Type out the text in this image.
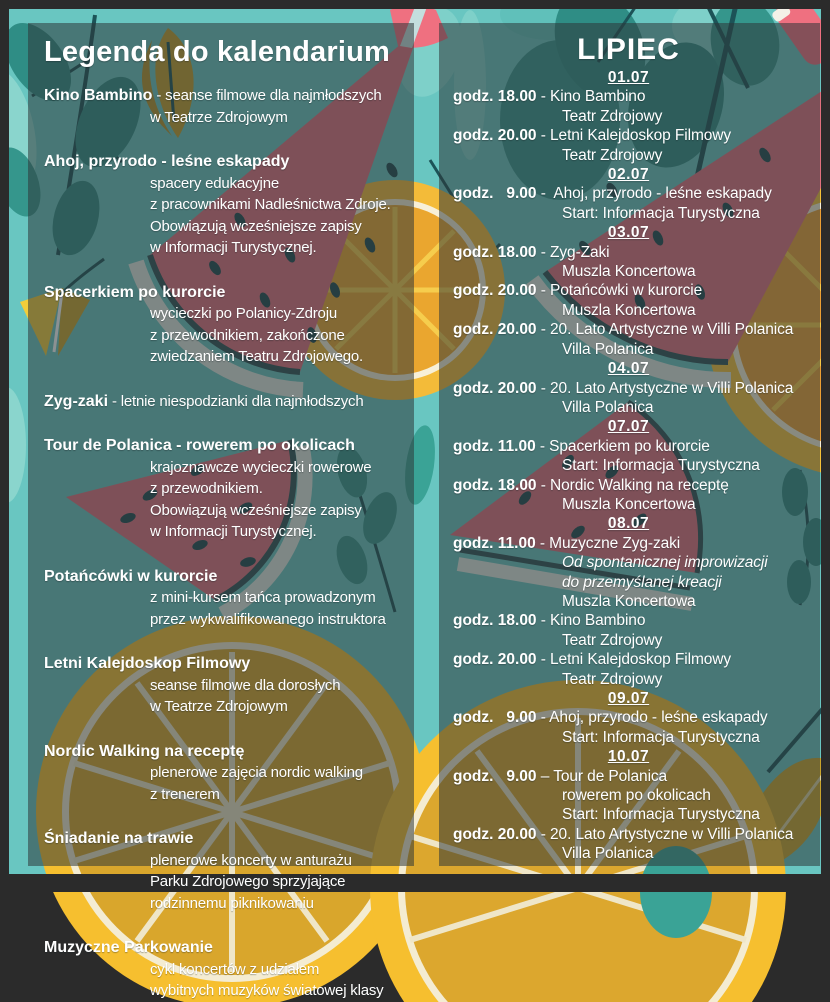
Legenda do kalendarium
Kino Bambino - seanse filmowe dla najmłodszych
w Teatrze Zdrojowym
Ahoj, przyrodo - leśne eskapady
spacery edukacyjne
z pracownikami Nadleśnictwa Zdroje.
Obowiązują wcześniejsze zapisy
w Informacji Turystycznej.
Spacerkiem po kurorcie
wycieczki po Polanicy-Zdroju
z przewodnikiem, zakończone
zwiedzaniem Teatru Zdrojowego.
Zyg-zaki - letnie niespodzianki dla najmłodszych
Tour de Polanica - rowerem po okolicach
krajoznawcze wycieczki rowerowe
z przewodnikiem.
Obowiązują wcześniejsze zapisy
w Informacji Turystycznej.
Potańcówki w kurorcie
z mini-kursem tańca prowadzonym
przez wykwalifikowanego instruktora
Letni Kalejdoskop Filmowy
seanse filmowe dla dorosłych
w Teatrze Zdrojowym
Nordic Walking na receptę
plenerowe zajęcia nordic walking
z trenerem
Śniadanie na trawie
plenerowe koncerty w anturażu
Parku Zdrojowego sprzyjające
rodzinnemu piknikowaniu
Muzyczne Parkowanie
cykl koncertów z udziałem
wybitnych muzyków światowej klasy
LIPIEC
01.07
godz. 18.00 - Kino Bambino
Teatr Zdrojowy
godz. 20.00 - Letni Kalejdoskop Filmowy
Teatr Zdrojowy
02.07
godz.   9.00 -  Ahoj, przyrodo - leśne eskapady
Start: Informacja Turystyczna
03.07
godz. 18.00 - Zyg-Zaki
Muszla Koncertowa
godz. 20.00 - Potańcówki w kurorcie
Muszla Koncertowa
godz. 20.00 - 20. Lato Artystyczne w Villi Polanica
Villa Polanica
04.07
godz. 20.00 - 20. Lato Artystyczne w Villi Polanica
Villa Polanica
07.07
godz. 11.00 - Spacerkiem po kurorcie
Start: Informacja Turystyczna
godz. 18.00 - Nordic Walking na receptę
Muszla Koncertowa
08.07
godz. 11.00 - Muzyczne Zyg-zaki
Od spontanicznej improwizacji
do przemyślanej kreacji
Muszla Koncertowa
godz. 18.00 - Kino Bambino
Teatr Zdrojowy
godz. 20.00 - Letni Kalejdoskop Filmowy
Teatr Zdrojowy
09.07
godz.   9.00 - Ahoj, przyrodo - leśne eskapady
Start: Informacja Turystyczna
10.07
godz.   9.00 – Tour de Polanica
rowerem po okolicach
Start: Informacja Turystyczna
godz. 20.00 - 20. Lato Artystyczne w Villi Polanica
Villa Polanica
